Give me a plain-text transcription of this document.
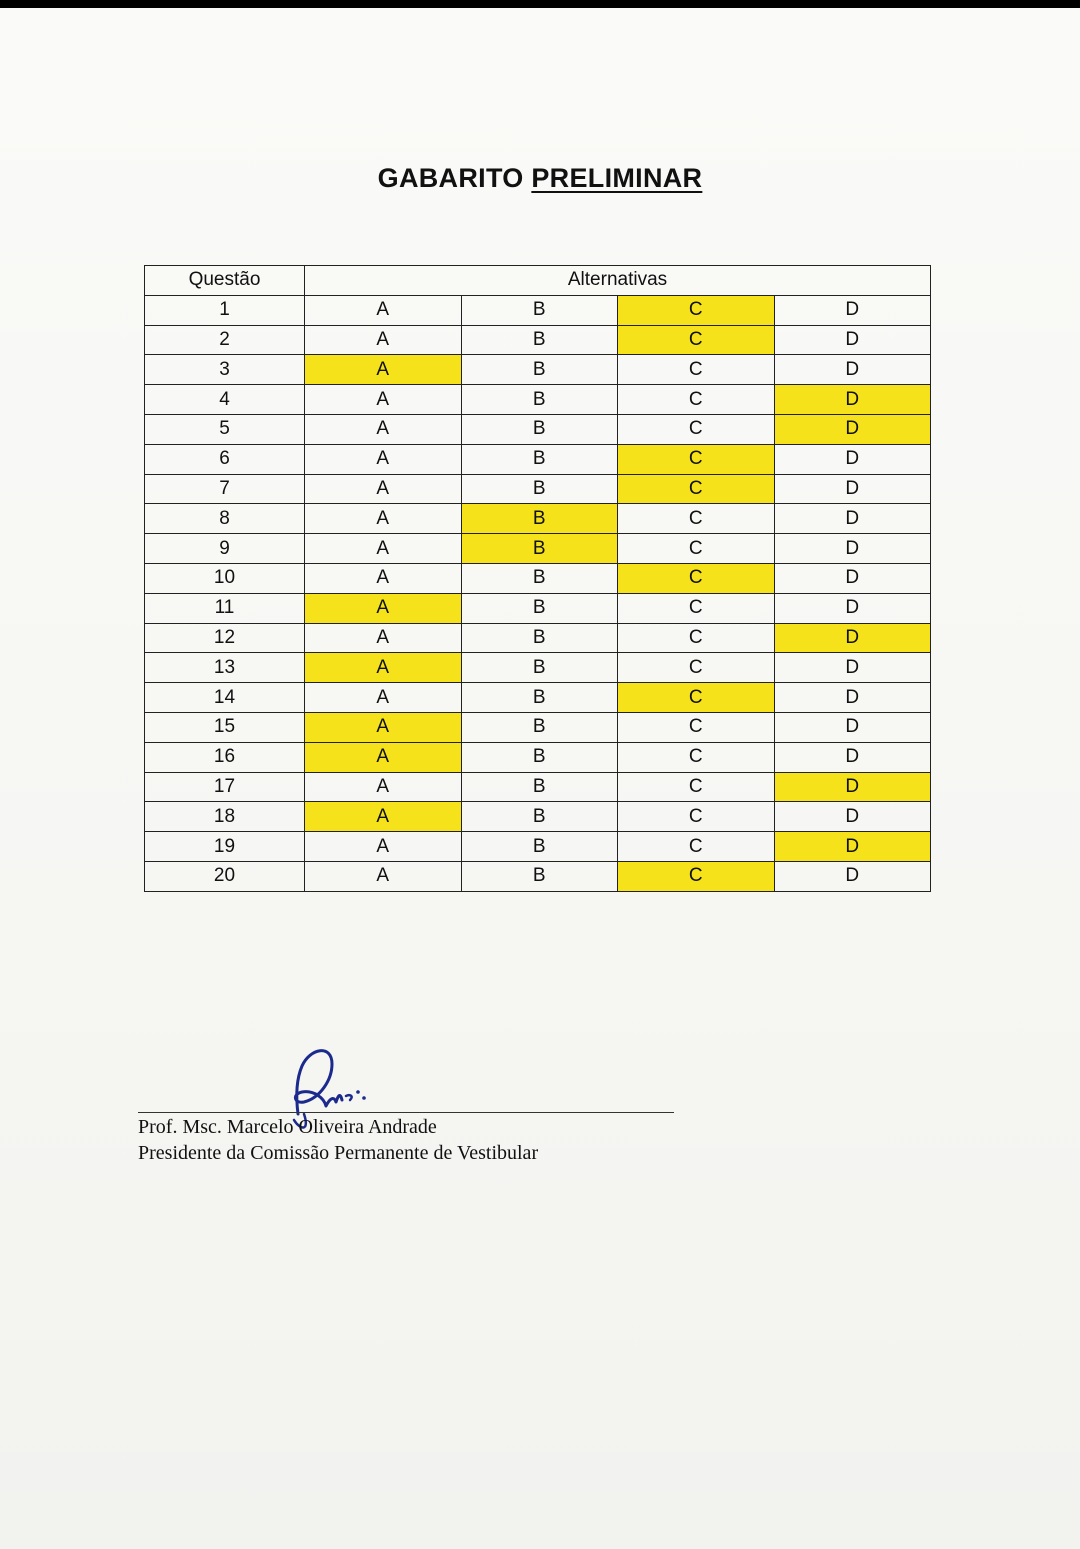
GABARITO PRELIMINAR
Questão	Alternativas			
1	A	B	C	D
2	A	B	C	D
3	A	B	C	D
4	A	B	C	D
5	A	B	C	D
6	A	B	C	D
7	A	B	C	D
8	A	B	C	D
9	A	B	C	D
10	A	B	C	D
11	A	B	C	D
12	A	B	C	D
13	A	B	C	D
14	A	B	C	D
15	A	B	C	D
16	A	B	C	D
17	A	B	C	D
18	A	B	C	D
19	A	B	C	D
20	A	B	C	D
Prof. Msc. Marcelo Oliveira Andrade
Presidente da Comissão Permanente de Vestibular
